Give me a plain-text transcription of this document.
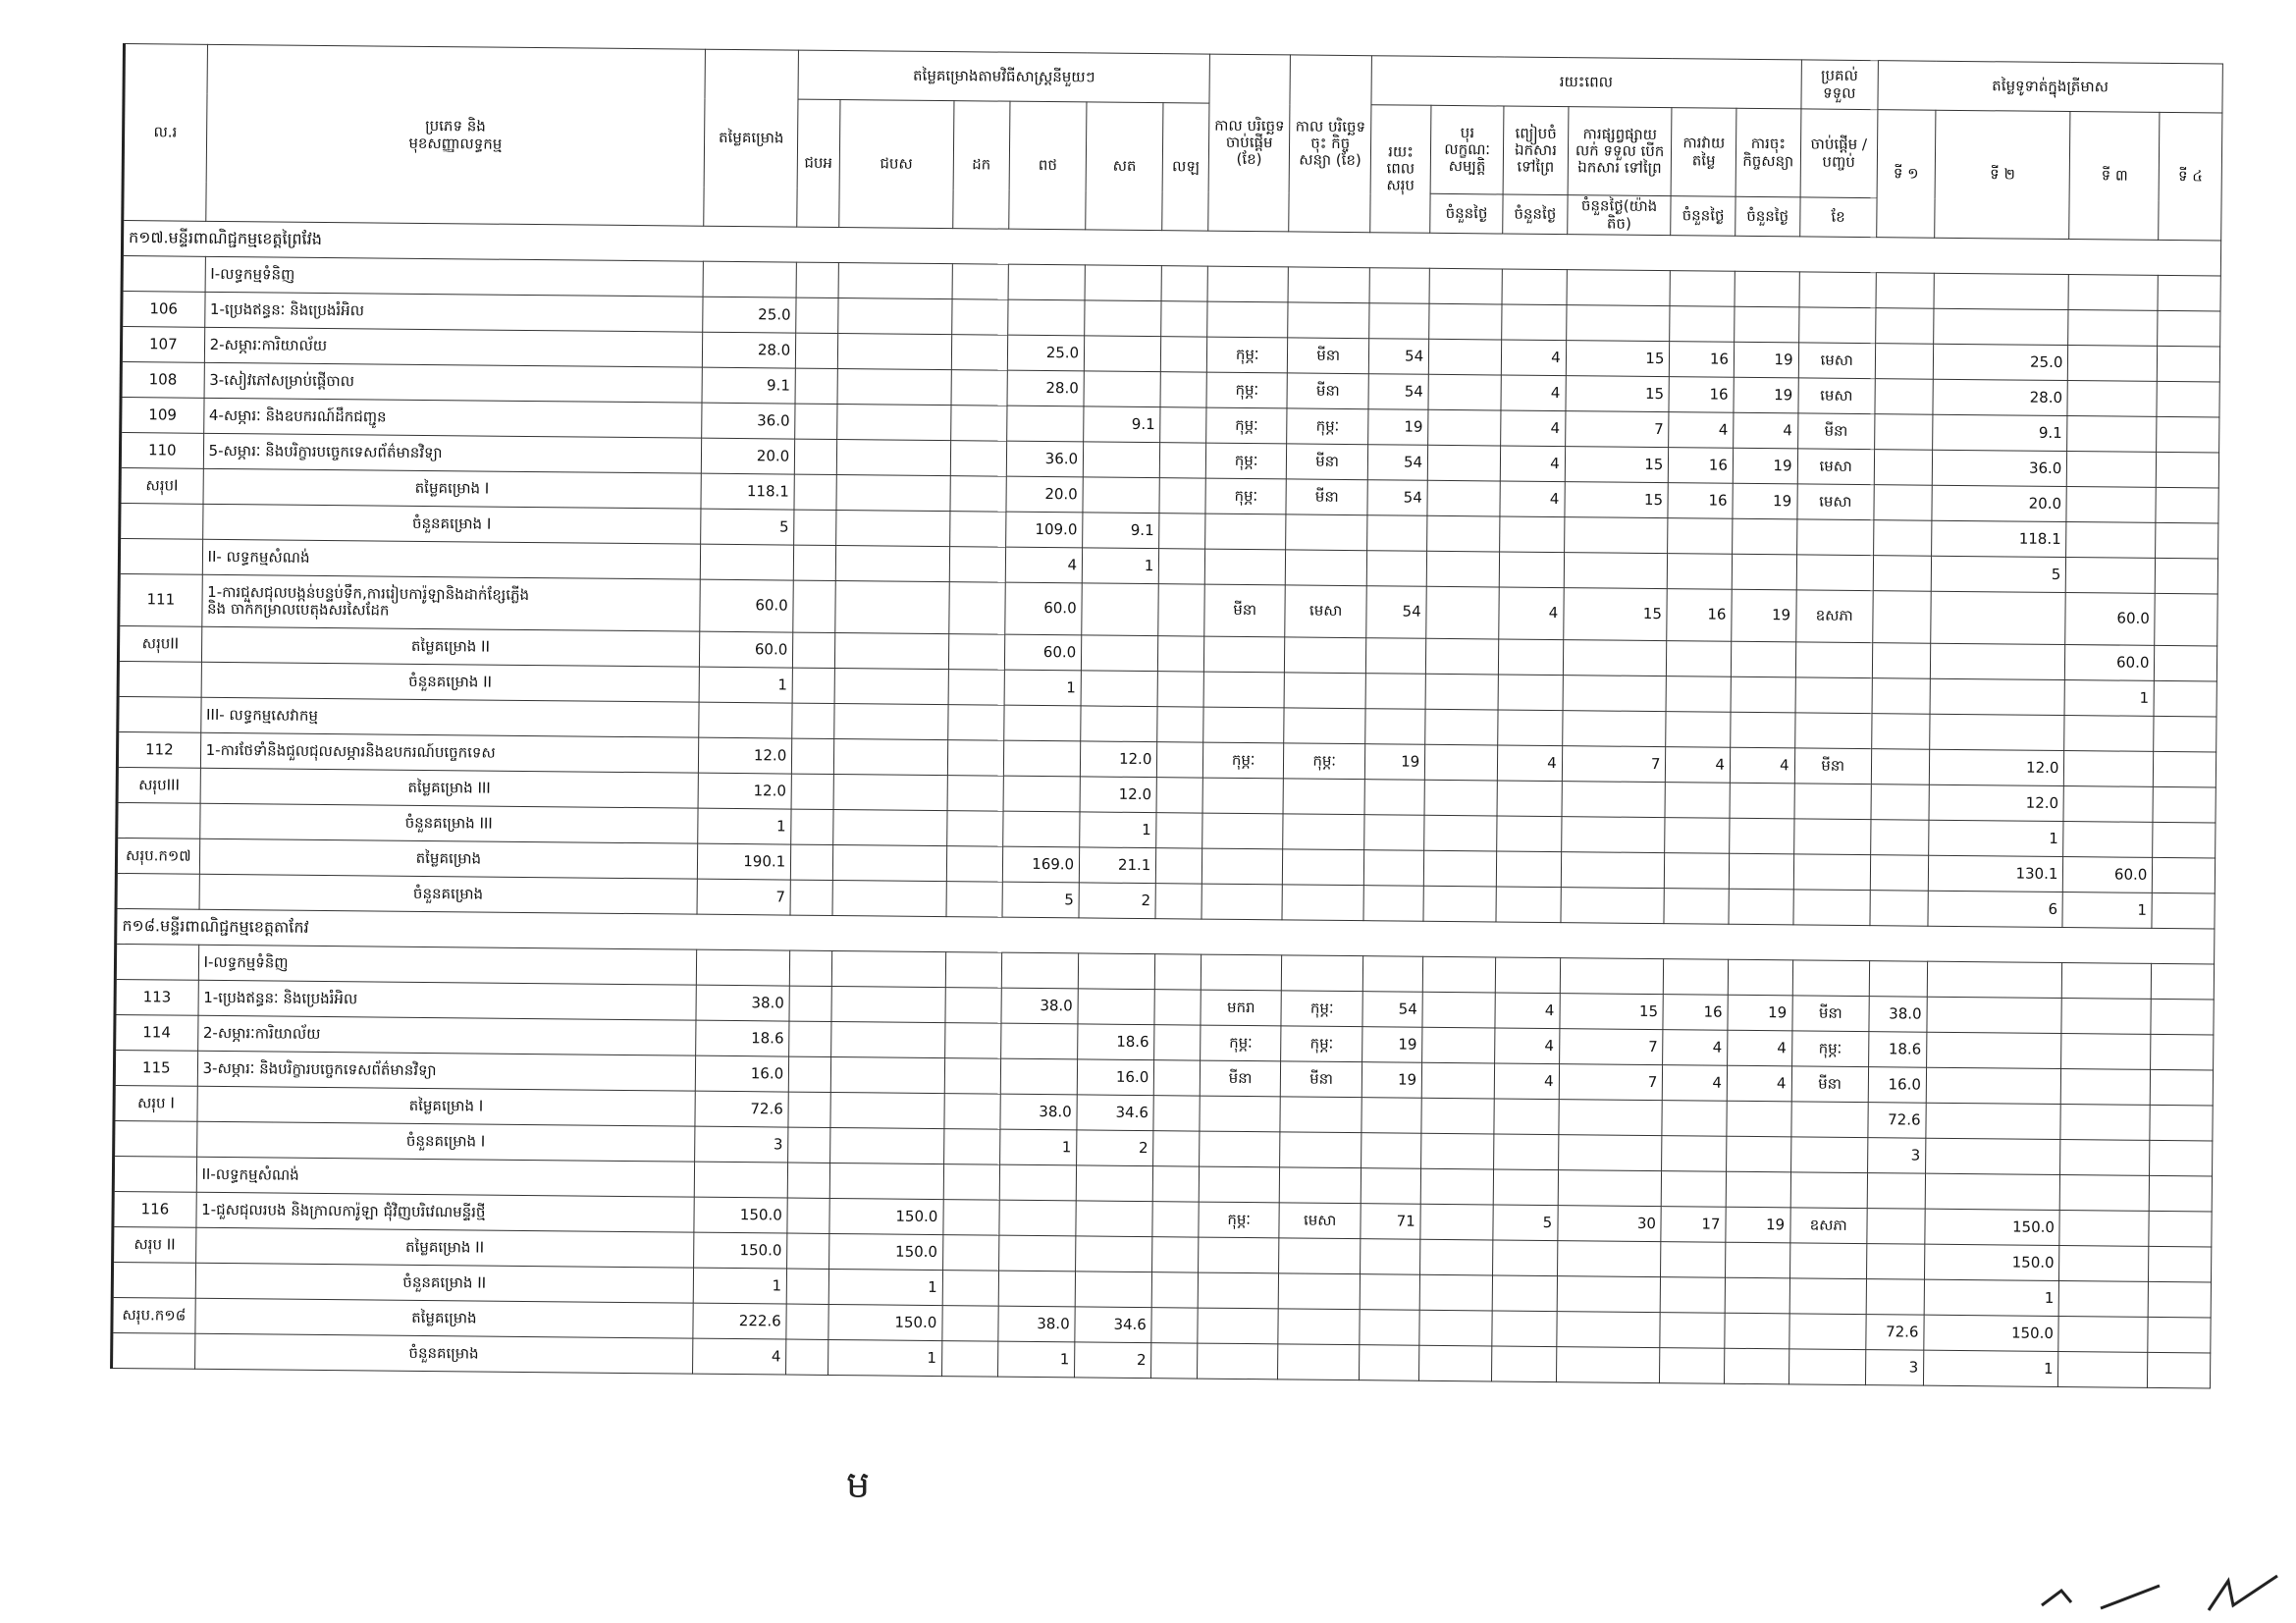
ល.រ	ប្រភេទ និង
មុខសញ្ញាលទ្ធកម្ម	តម្លៃគម្រោង	តម្លៃគម្រោងតាមវិធីសាស្ត្រនីមួយៗ						កាល បរិច្ឆេទ ចាប់ផ្តើម (ខែ)	កាល បរិច្ឆេទចុះ កិច្ច សន្យា (ខែ)	រយះពេល						ប្រគល់ទទួល	តម្លៃទូទាត់ក្នុងត្រីមាស			
			ជបអ	ជបស	ដក	ពថ	សត	លឡ			រយះ ពេល សរុប	បុរ លក្ខណៈ សម្បត្តិ	ព្យៀបចំ ឯកសារ ទៅព្រៃ	ការផ្សព្វផ្សាយ លក់ ទទួល បើកឯកសារ ទៅព្រៃ	ការវាយ តម្លៃ	ការចុះ កិច្ចសន្យា	ចាប់ផ្តើម / បញ្ចប់	ទី ១	ទី ២	ទី ៣	ទី ៤
												ចំនួនថ្ងៃ	ចំនួនថ្ងៃ	ចំនួនថ្ងៃ(យ៉ាង តិច)	ចំនួនថ្ងៃ	ចំនួនថ្ងៃ	ខែ				
ក១៧.មន្ទីរពាណិជ្ជកម្មខេត្តព្រៃវែង																					
	I-លទ្ធកម្មទំនិញ																				
106	1-ប្រេងឥន្ធនៈ និងប្រេងរំអិល	25.0																			
107	2-សម្ភារៈការិយាល័យ	28.0				25.0			កុម្ភៈ	មីនា	54		4	15	16	19	មេសា		25.0		
108	3-សៀវភៅសម្រាប់ផ្តើចាល	9.1				28.0			កុម្ភៈ	មីនា	54		4	15	16	19	មេសា		28.0		
109	4-សម្ភារៈ និងឧបករណ៍ដឹកជញ្ជូន	36.0					9.1		កុម្ភៈ	កុម្ភៈ	19		4	7	4	4	មីនា		9.1		
110	5-សម្ភារៈ និងបរិក្ខារបច្ចេកទេសព័ត៌មានវិទ្យា	20.0				36.0			កុម្ភៈ	មីនា	54		4	15	16	19	មេសា		36.0		
សរុបI	តម្លៃគម្រោង I	118.1				20.0			កុម្ភៈ	មីនា	54		4	15	16	19	មេសា		20.0		
	ចំនួនគម្រោង I	5				109.0	9.1												118.1		
	II- លទ្ធកម្មសំណង់					4	1												5		
111	1-ការជួសជុលបង្កន់បន្ទប់ទឹក,ការរៀបការ៉ូឡានិងដាក់ខ្សែភ្លើង
និង ចាក់កម្រាលបេតុងសរសៃដែក	60.0				60.0			មីនា	មេសា	54		4	15	16	19	ឧសភា			60.0	
សរុបII	តម្លៃគម្រោង II	60.0				60.0														60.0	
	ចំនួនគម្រោង II	1				1														1	
	III- លទ្ធកម្មសេវាកម្ម																				
112	1-ការថែទាំនិងជួលជុលសម្ភារនិងឧបករណ៍បច្ចេកទេស	12.0					12.0		កុម្ភៈ	កុម្ភៈ	19		4	7	4	4	មីនា		12.0		
សរុបIII	តម្លៃគម្រោង III	12.0					12.0												12.0		
	ចំនួនគម្រោង III	1					1												1		
សរុប.ក១៧	តម្លៃគម្រោង	190.1				169.0	21.1												130.1	60.0	
	ចំនួនគម្រោង	7				5	2												6	1	
ក១៨.មន្ទីរពាណិជ្ជកម្មខេត្តតាកែវ																					
	I-លទ្ធកម្មទំនិញ																				
113	1-ប្រេងឥន្ធនៈ និងប្រេងរំអិល	38.0				38.0			មករា	កុម្ភៈ	54		4	15	16	19	មីនា	38.0			
114	2-សម្ភារៈការិយាល័យ	18.6					18.6		កុម្ភៈ	កុម្ភៈ	19		4	7	4	4	កុម្ភៈ	18.6			
115	3-សម្ភារៈ និងបរិក្ខារបច្ចេកទេសព័ត៌មានវិទ្យា	16.0					16.0		មីនា	មីនា	19		4	7	4	4	មីនា	16.0			
សរុប I	តម្លៃគម្រោង I	72.6				38.0	34.6											72.6			
	ចំនួនគម្រោង I	3				1	2											3			
	II-លទ្ធកម្មសំណង់																				
116	1-ជួសជុលរបង និងក្រាលការ៉ូឡា ជុំវិញបរិវេណមន្ទីរថ្មី	150.0		150.0					កុម្ភៈ	មេសា	71		5	30	17	19	ឧសភា		150.0		
សរុប II	តម្លៃគម្រោង II	150.0		150.0															150.0		
	ចំនួនគម្រោង II	1		1															1		
សរុប.ក១៨	តម្លៃគម្រោង	222.6		150.0		38.0	34.6											72.6	150.0		
	ចំនួនគម្រោង	4		1		1	2											3	1		
ម
